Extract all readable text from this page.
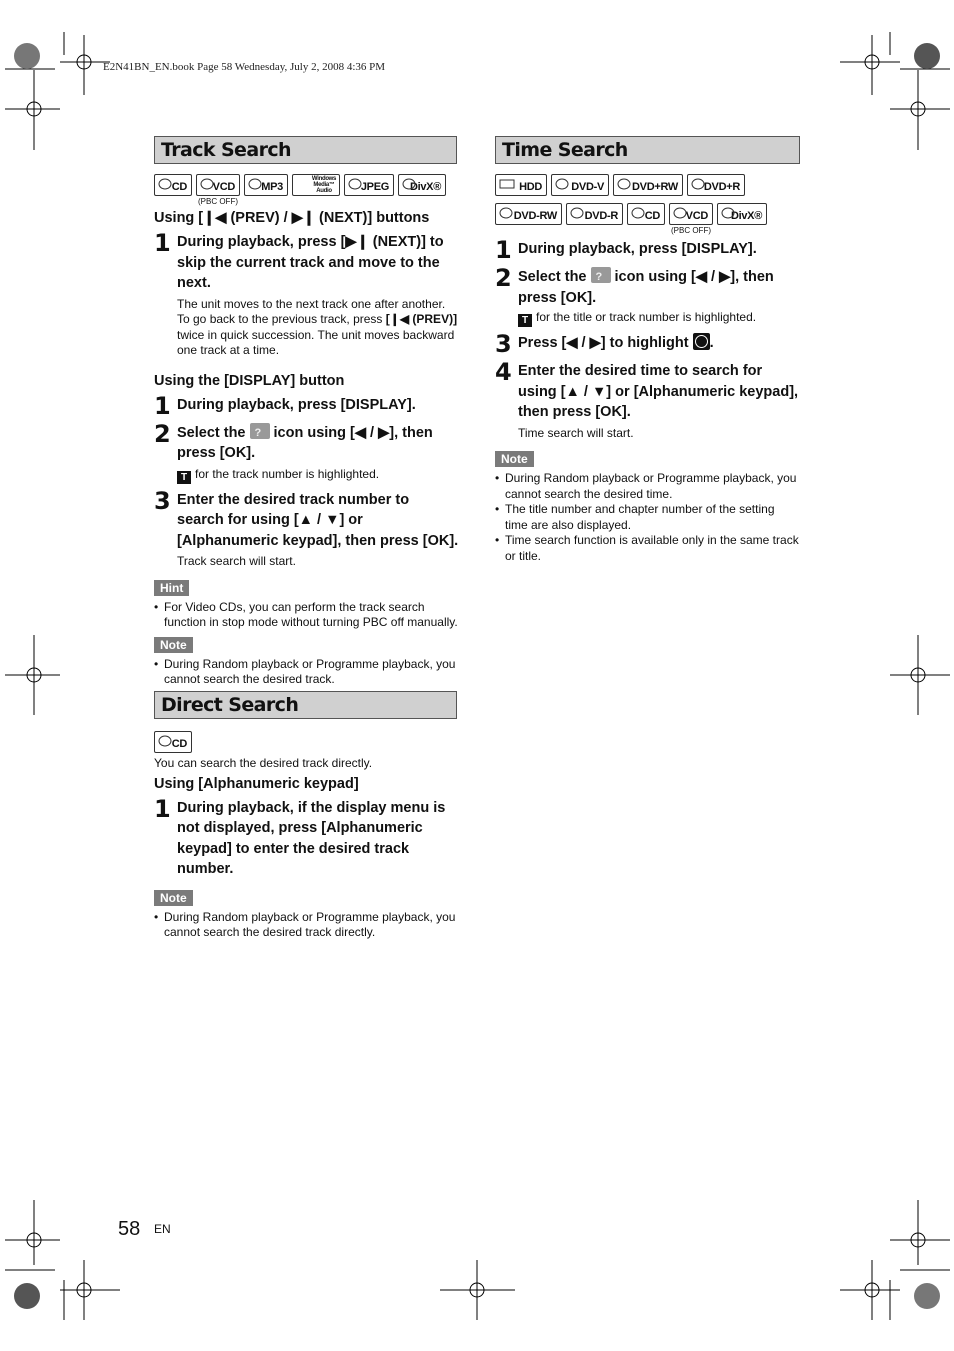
E2N41BN_EN.book Page 58 Wednesday, July 2, 2008 4:36 PM
Track Search
CD VCD
(PBC OFF)
MP3
Windows Media™ Audio	JPEG DivX®
Using [❙◀ (PREV) / ▶❙ (NEXT)] buttons
1 During playback, press [▶❙ (NEXT)] to skip the current track and move to the next.
The unit moves to the next track one after another.
To go back to the previous track, press [❙◀ (PREV)] twice in quick succession. The unit moves backward one track at a time.
Using the [DISPLAY] button
1 During playback, press [DISPLAY].
2 Select the ? icon using [◀ / ▶], then press [OK].
T for the track number is highlighted.
3 Enter the desired track number to search for using [▲ / ▼] or [Alphanumeric keypad], then press [OK].
Track search will start.
Hint
• For Video CDs, you can perform the track search function in stop mode without turning PBC off manually.
Note
• During Random playback or Programme playback, you cannot search the desired track.
Direct Search
CD
You can search the desired track directly.
Using [Alphanumeric keypad]
1 During playback, if the display menu is not displayed, press [Alphanumeric keypad] to enter the desired track number.
Note
• During Random playback or Programme playback, you cannot search the desired track directly.
Time Search
HDD	DVD-V	DVD+RW DVD+R
DVD-RW	DVD-R CD VCD
(PBC OFF)
DivX®
1 During playback, press [DISPLAY].
2 Select the ? icon using [◀ / ▶], then press [OK].
T for the title or track number is highlighted.
3 Press [◀ / ▶] to highlight .
4 Enter the desired time to search for using [▲ / ▼] or [Alphanumeric keypad], then press [OK].
Time search will start.
Note
• During Random playback or Programme playback, you cannot search the desired time.
• The title number and chapter number of the setting time are also displayed.
• Time search function is available only in the same track or title.
58 EN
